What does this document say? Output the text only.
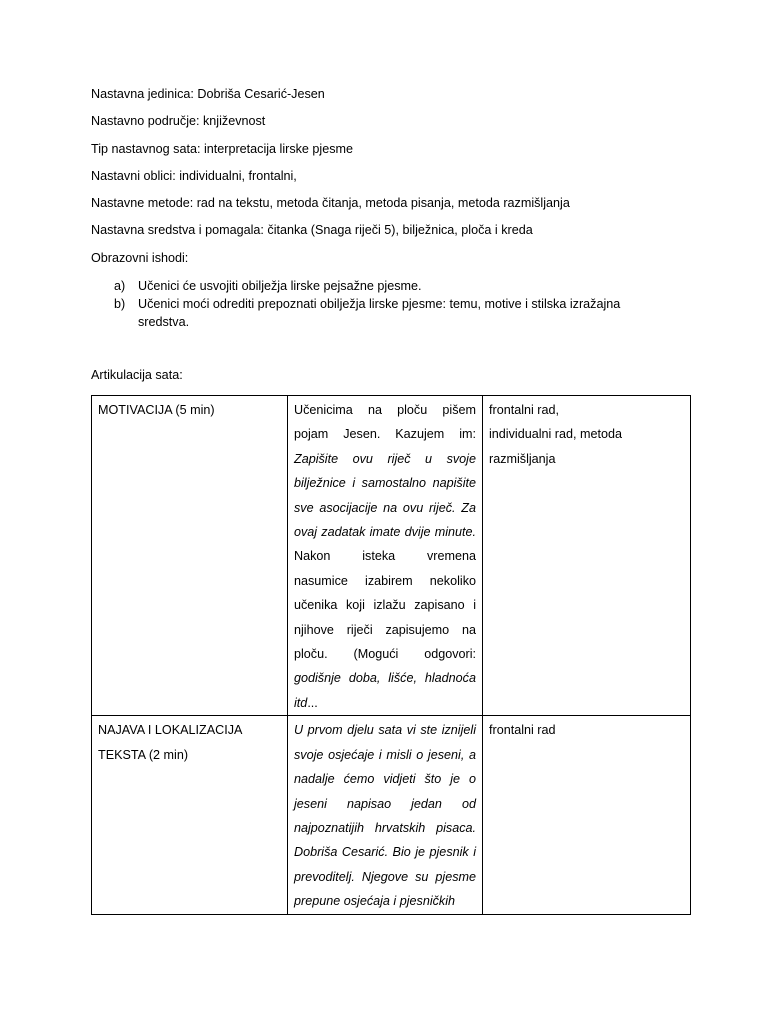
Nastavna jedinica: Dobriša Cesarić-Jesen
Nastavno područje: književnost
Tip nastavnog sata: interpretacija lirske pjesme
Nastavni oblici: individualni, frontalni,
Nastavne metode: rad na tekstu, metoda čitanja, metoda pisanja, metoda razmišljanja
Nastavna sredstva i pomagala: čitanka (Snaga riječi 5), bilježnica, ploča i kreda
Obrazovni ishodi:
a)	Učenici će usvojiti obilježja lirske pejsažne pjesme.
b)	Učenici moći odrediti prepoznati obilježja lirske pjesme: temu, motive i stilska izražajna sredstva.
Artikulacija sata:
MOTIVACIJA (5 min)	Učenicima na ploču pišem pojam Jesen. Kazujem im: Zapišite ovu riječ u svoje bilježnice i samostalno napišite sve asocijacije na ovu riječ. Za ovaj zadatak imate dvije minute. Nakon isteka vremena nasumice izabirem nekoliko učenika koji izlažu zapisano i njihove riječi zapisujemo na ploču. (Mogući odgovori: godišnje doba, lišće, hladnoća itd...	frontalni rad,
individualni rad, metoda razmišljanja

NAJAVA I LOKALIZACIJA TEKSTA (2 min)	U prvom djelu sata vi ste iznijeli svoje osjećaje i misli o jeseni, a nadalje ćemo vidjeti što je o jeseni napisao jedan od najpoznatijih hrvatskih pisaca. Dobriša Cesarić. Bio je pjesnik i prevoditelj. Njegove su pjesme prepune osjećaja i pjesničkih	frontalni rad
